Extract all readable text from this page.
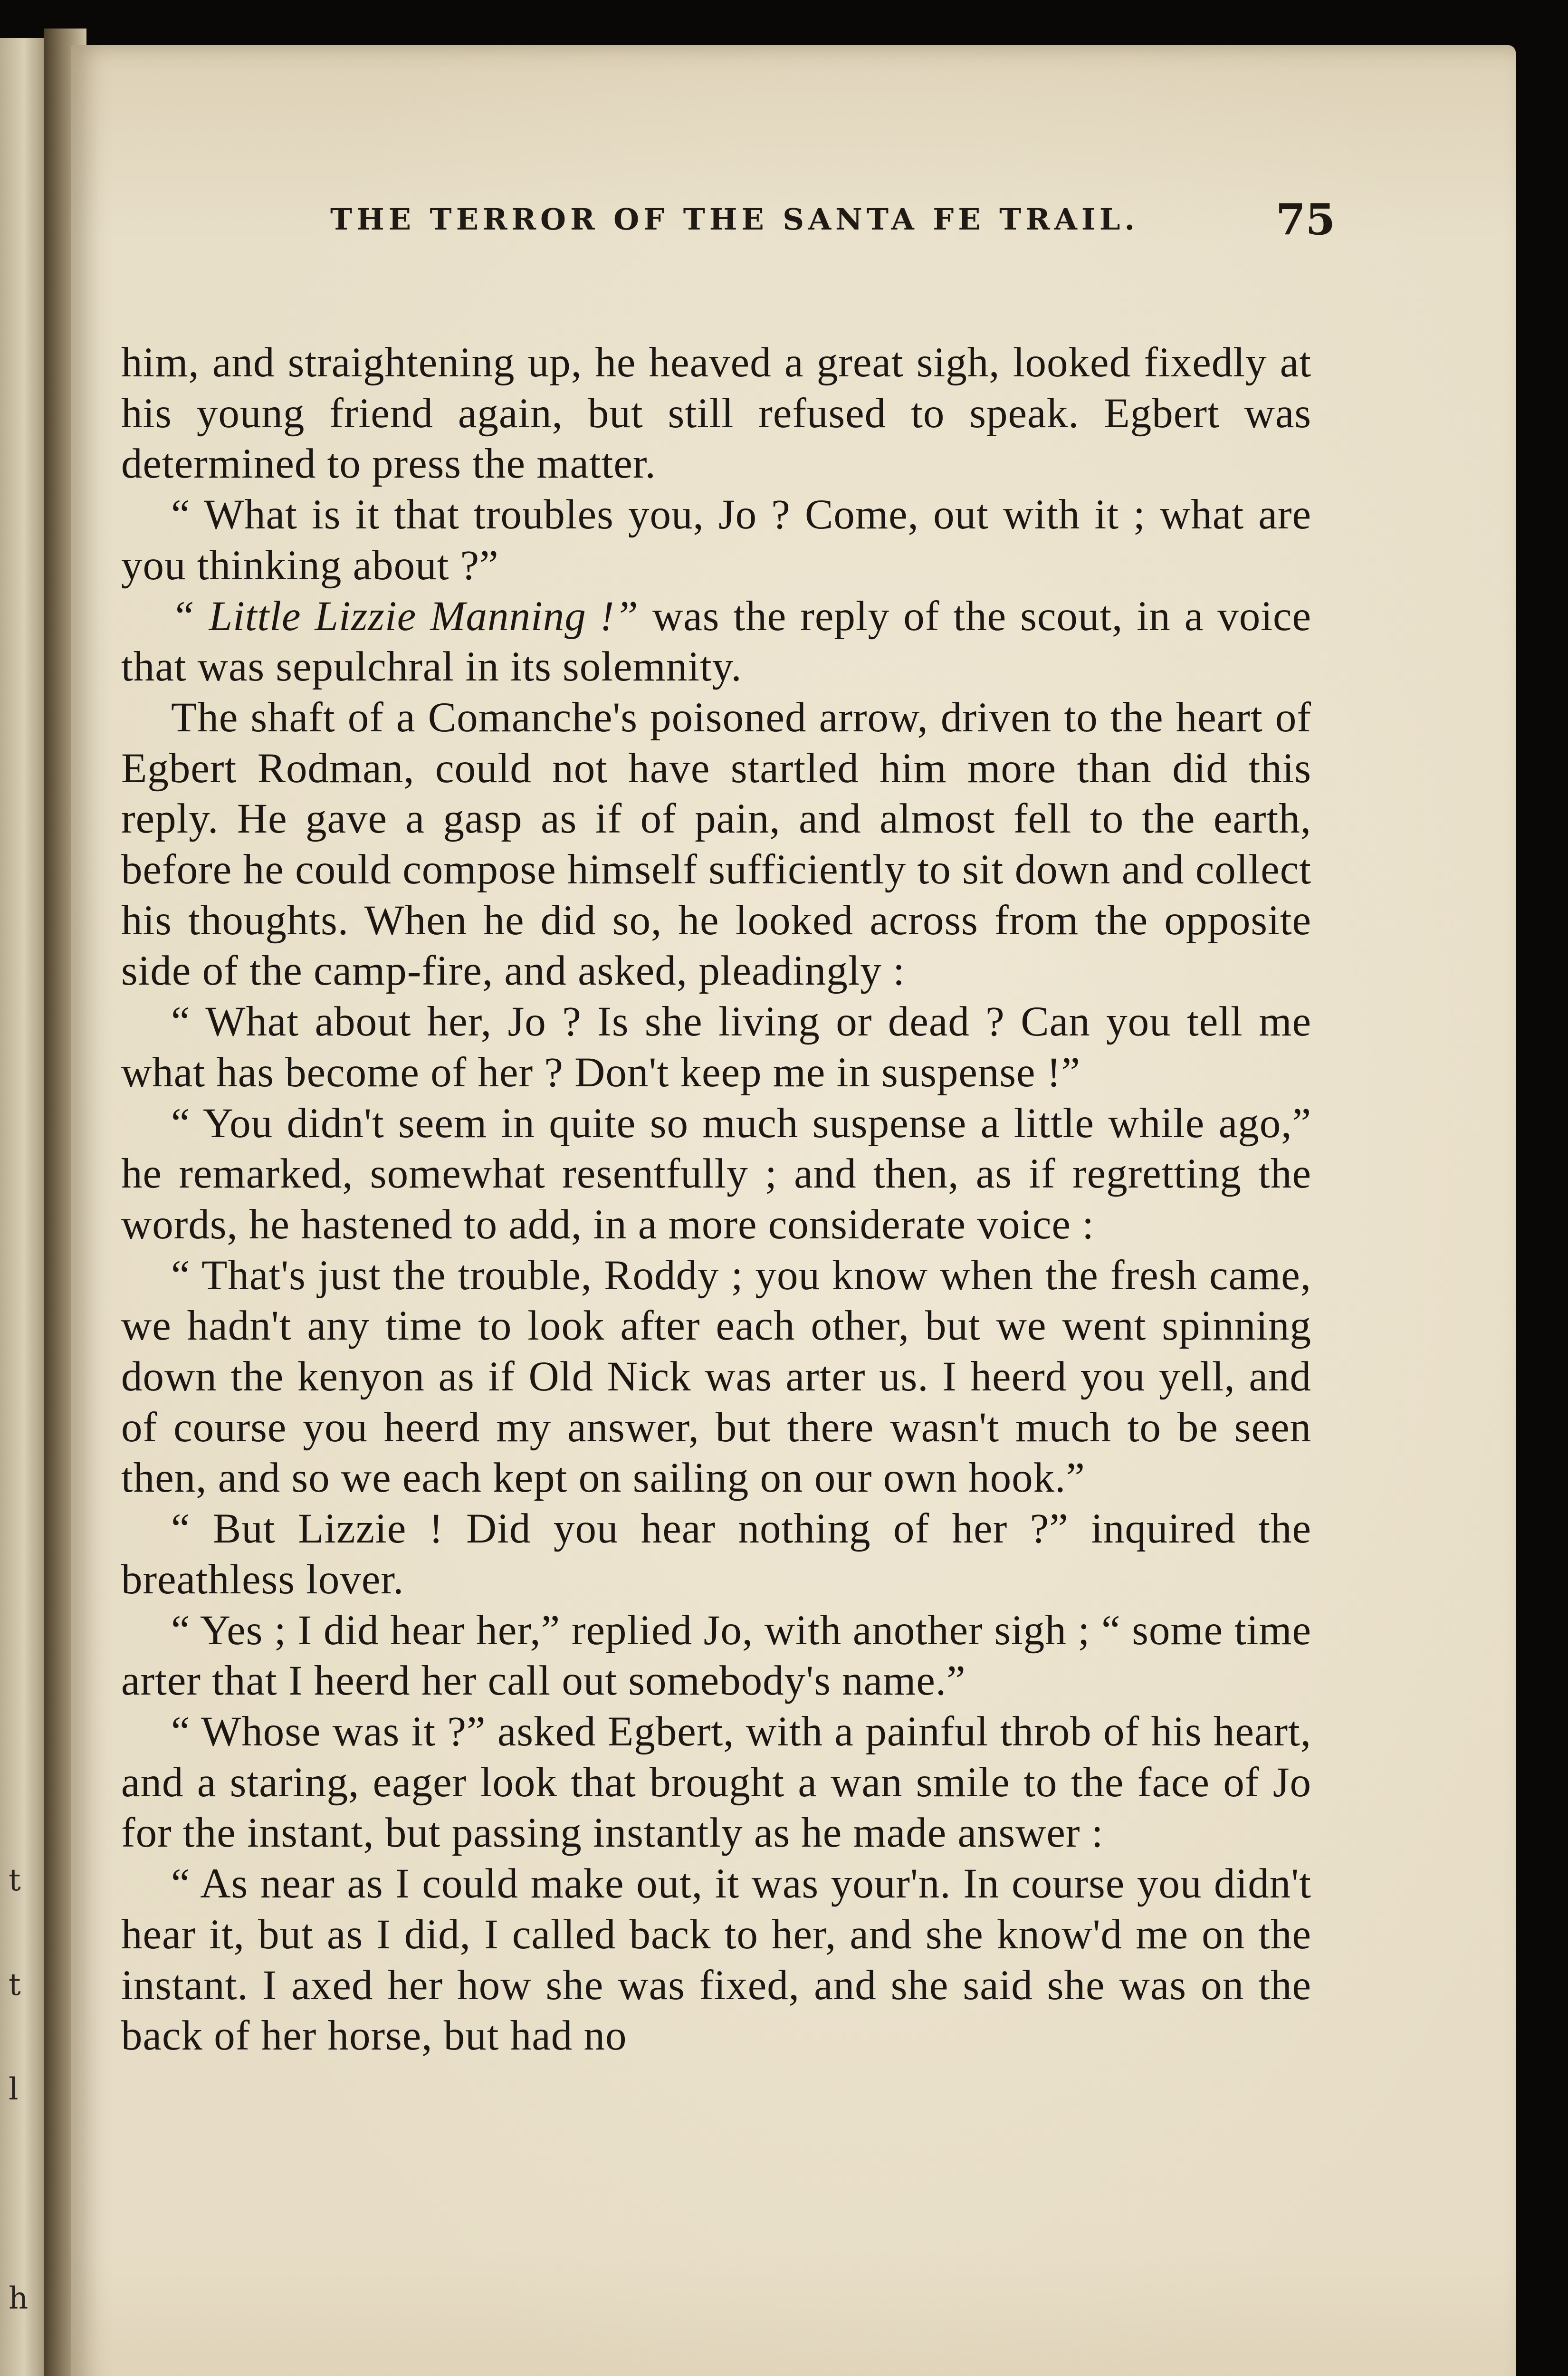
t
t
l
h
THE TERROR OF THE SANTA FE TRAIL.	75

him, and straightening up, he heaved a great sigh, looked fixedly at his young friend again, but still refused to speak. Egbert was determined to press the matter.

“ What is it that troubles you, Jo ? Come, out with it ; what are you thinking about ?”

“ Little Lizzie Manning !” was the reply of the scout, in a voice that was sepulchral in its solemnity.

The shaft of a Comanche's poisoned arrow, driven to the heart of Egbert Rodman, could not have startled him more than did this reply. He gave a gasp as if of pain, and almost fell to the earth, before he could compose himself sufficiently to sit down and collect his thoughts. When he did so, he looked across from the opposite side of the camp-fire, and asked, pleadingly :

“ What about her, Jo ? Is she living or dead ? Can you tell me what has become of her ? Don't keep me in suspense !”

“ You didn't seem in quite so much suspense a little while ago,” he remarked, somewhat resentfully ; and then, as if regretting the words, he hastened to add, in a more considerate voice :

“ That's just the trouble, Roddy ; you know when the fresh came, we hadn't any time to look after each other, but we went spinning down the kenyon as if Old Nick was arter us. I heerd you yell, and of course you heerd my answer, but there wasn't much to be seen then, and so we each kept on sailing on our own hook.”

“ But Lizzie ! Did you hear nothing of her ?” inquired the breathless lover.

“ Yes ; I did hear her,” replied Jo, with another sigh ; “ some time arter that I heerd her call out somebody's name.”

“ Whose was it ?” asked Egbert, with a painful throb of his heart, and a staring, eager look that brought a wan smile to the face of Jo for the instant, but passing instantly as he made answer :

“ As near as I could make out, it was your'n. In course you didn't hear it, but as I did, I called back to her, and she know'd me on the instant. I axed her how she was fixed, and she said she was on the back of her horse, but had no
